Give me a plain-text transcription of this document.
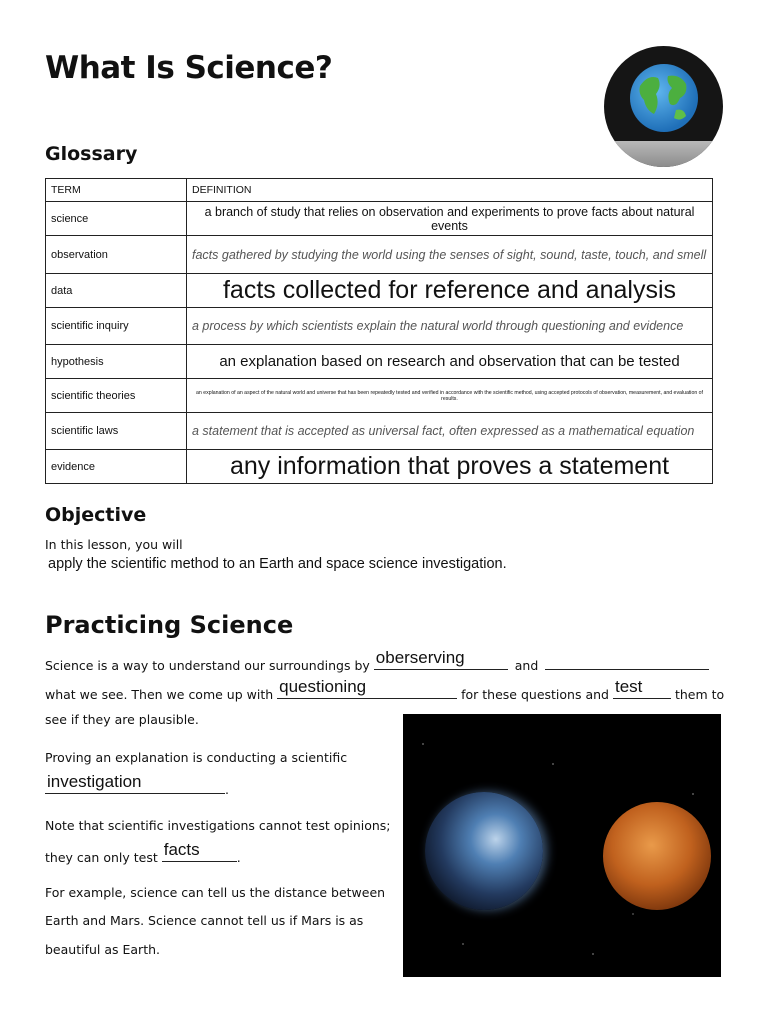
What Is Science?
Glossary
TERM	DEFINITION
science	a branch of study that relies on observation and experiments to prove facts about natural events
observation	facts gathered by studying the world using the senses of sight, sound, taste, touch, and smell
data	facts collected for reference and analysis
scientific inquiry	a process by which scientists explain the natural world through questioning and evidence
hypothesis	an explanation based on research and observation that can be tested
scientific theories	an explanation of an aspect of the natural world and universe that has been repeatedly tested and verified in accordance with the scientific method, using accepted protocols of observation, measurement, and evaluation of results.
scientific laws	a statement that is accepted as universal fact, often expressed as a mathematical equation
evidence	any information that proves a statement
Objective
In this lesson, you will
apply the scientific method to an Earth and space science investigation.
Practicing Science
Science is a way to understand our surroundings by oberserving	and
what we see. Then we come up with questioning	for these questions and test	them to
see if they are plausible.
Proving an explanation is conducting a scientific
investigation	.
Note that scientific investigations cannot test opinions;
they can only test facts	.
For example, science can tell us the distance between
Earth and Mars. Science cannot tell us if Mars is as
beautiful as Earth.
